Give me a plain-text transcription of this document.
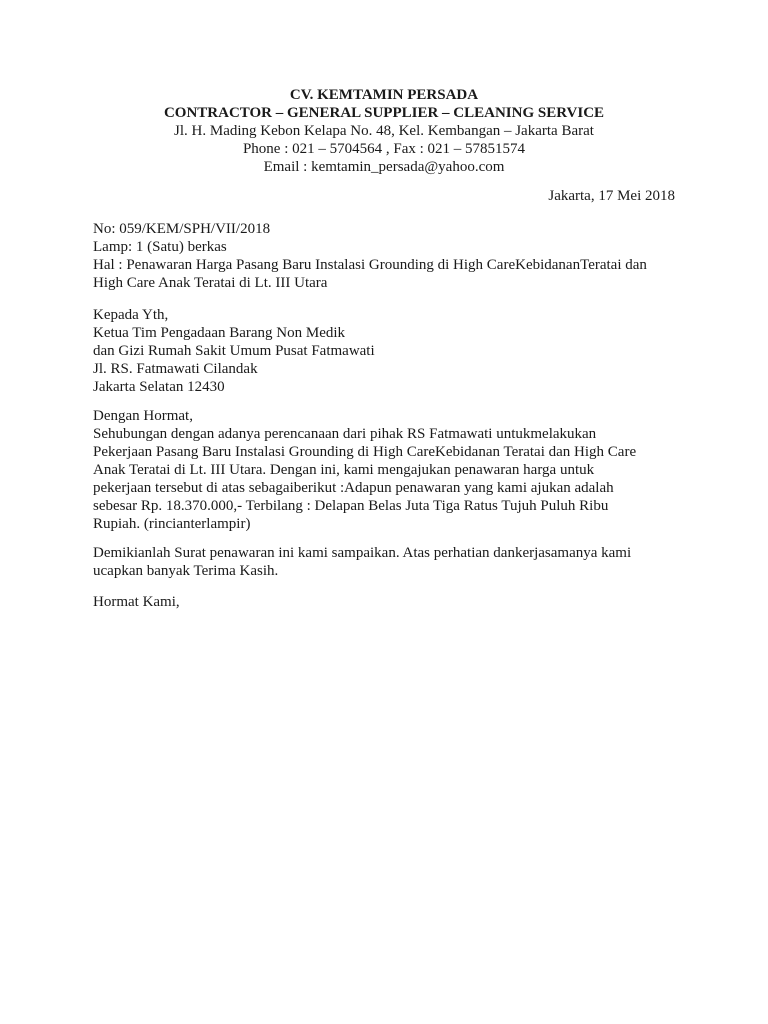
CV. KEMTAMIN PERSADA
CONTRACTOR – GENERAL SUPPLIER – CLEANING SERVICE
Jl. H. Mading Kebon Kelapa No. 48, Kel. Kembangan – Jakarta Barat
Phone : 021 – 5704564 , Fax : 021 – 57851574
Email : kemtamin_persada@yahoo.com
Jakarta, 17 Mei 2018
No: 059/KEM/SPH/VII/2018
Lamp: 1 (Satu) berkas
Hal : Penawaran Harga Pasang Baru Instalasi Grounding di High CareKebidananTeratai dan
High Care Anak Teratai di Lt. III Utara
Kepada Yth,
Ketua Tim Pengadaan Barang Non Medik
dan Gizi Rumah Sakit Umum Pusat Fatmawati
Jl. RS. Fatmawati Cilandak
Jakarta Selatan 12430
Dengan Hormat,
Sehubungan dengan adanya perencanaan dari pihak RS Fatmawati untukmelakukan
Pekerjaan Pasang Baru Instalasi Grounding di High CareKebidanan Teratai dan High Care
Anak Teratai di Lt. III Utara. Dengan ini, kami mengajukan penawaran harga untuk
pekerjaan tersebut di atas sebagaiberikut :Adapun penawaran yang kami ajukan adalah
sebesar Rp. 18.370.000,- Terbilang : Delapan Belas Juta Tiga Ratus Tujuh Puluh Ribu
Rupiah. (rincianterlampir)
Demikianlah Surat penawaran ini kami sampaikan. Atas perhatian dankerjasamanya kami
ucapkan banyak Terima Kasih.
Hormat Kami,
